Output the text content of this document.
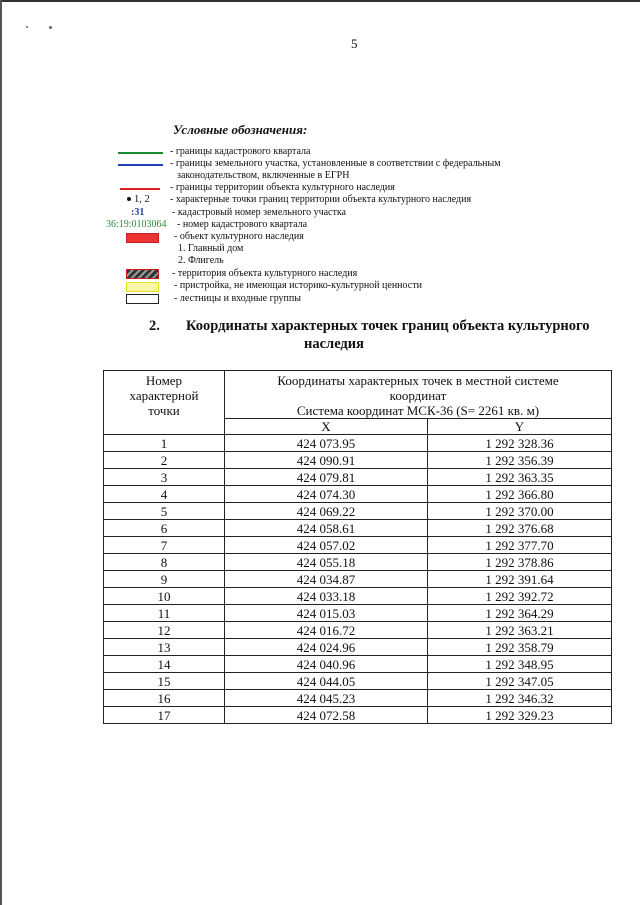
5
Условные обозначения:
- границы кадастрового квартала
- границы земельного участка, установленные в соответствии с федеральным
законодательством, включенные в ЕГРН
- границы территории объекта культурного наследия
1, 2 - характерные точки границ территории объекта культурного наследия
:31	- кадастровый номер земельного участка
36:19:0103064 - номер кадастрового квартала
- объект культурного наследия
1. Главный дом
2. Флигель
- территория объекта культурного наследия
- пристройка, не имеющая историко-культурной ценности
- лестницы и входные группы
2. Координаты характерных точек границ объекта культурного
наследия
Номер
характерной
точки

Координаты характерных точек в местной системе
координат
Система координат МСК-36 (S= 2261 кв. м)

	X	Y
1	424 073.95	1 292 328.36
2	424 090.91	1 292 356.39
3	424 079.81	1 292 363.35
4	424 074.30	1 292 366.80
5	424 069.22	1 292 370.00
6	424 058.61	1 292 376.68
7	424 057.02	1 292 377.70
8	424 055.18	1 292 378.86
9	424 034.87	1 292 391.64
10	424 033.18	1 292 392.72
11	424 015.03	1 292 364.29
12	424 016.72	1 292 363.21
13	424 024.96	1 292 358.79
14	424 040.96	1 292 348.95
15	424 044.05	1 292 347.05
16	424 045.23	1 292 346.32
17	424 072.58	1 292 329.23
